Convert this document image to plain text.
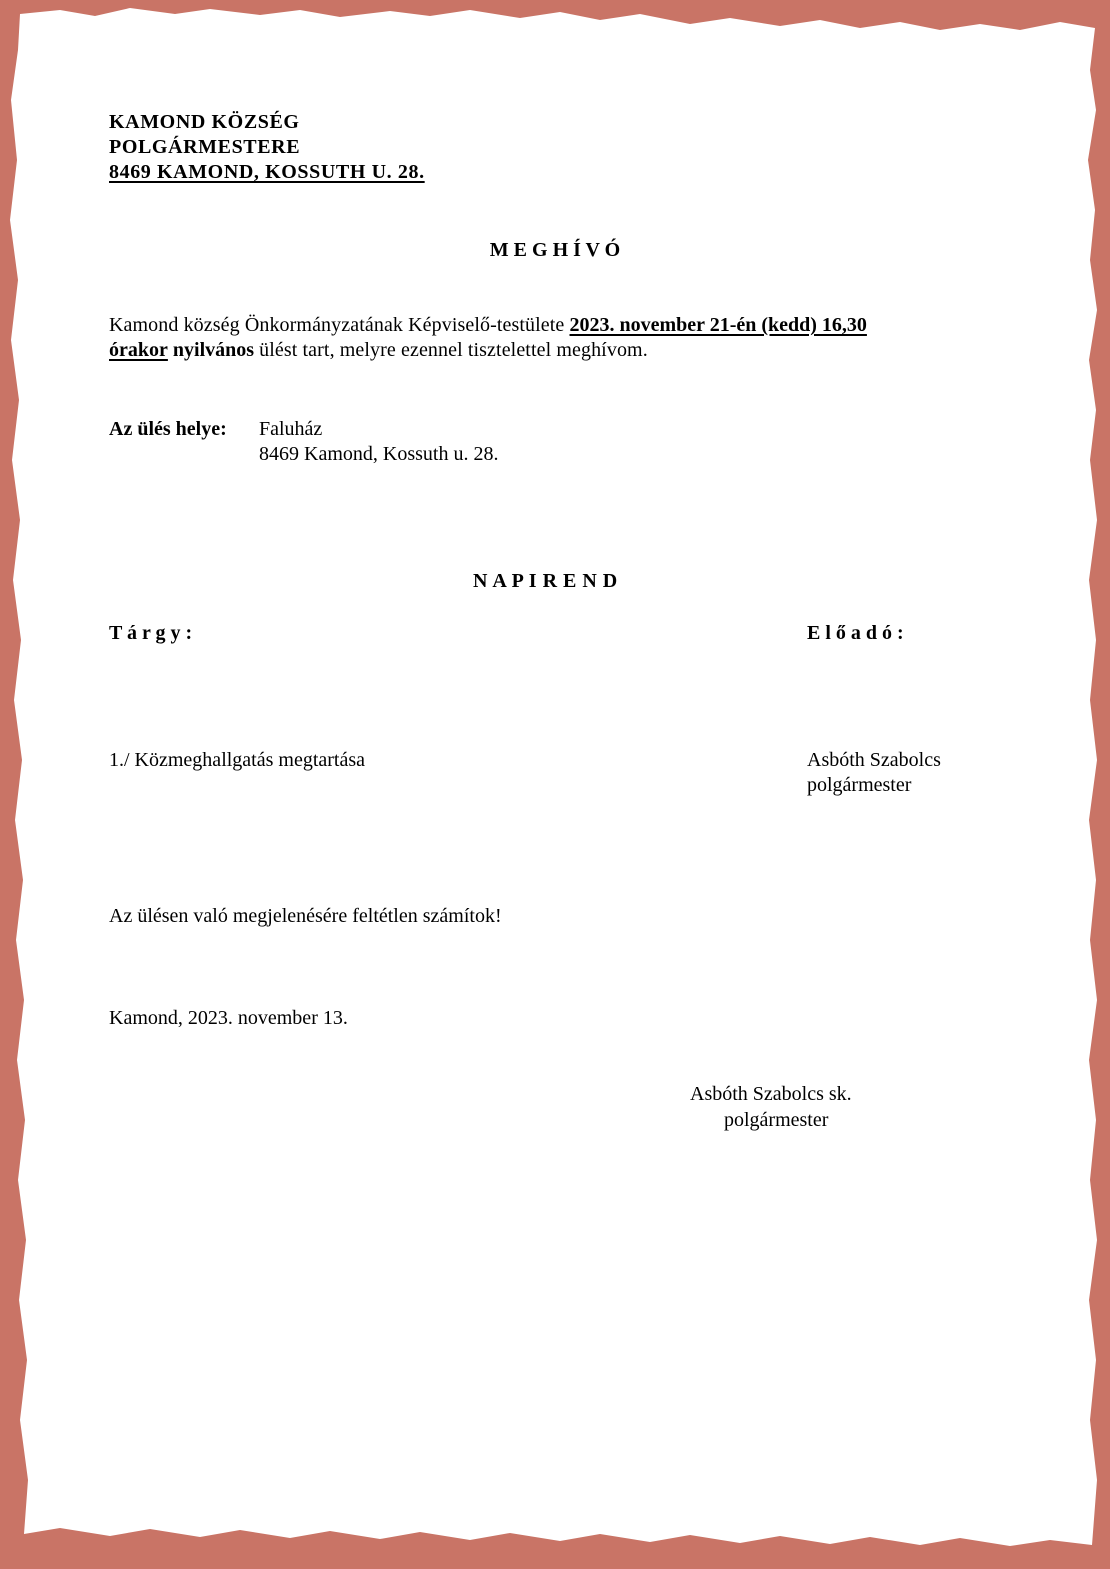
KAMOND KÖZSÉG
POLGÁRMESTERE
8469 KAMOND, KOSSUTH U. 28.
M E G H Í V Ó
Kamond község Önkormányzatának Képviselő-testülete 2023. november 21-én (kedd) 16,30
órakor nyilvános ülést tart, melyre ezennel tisztelettel meghívom.
Az ülés helye: Faluház
8469 Kamond, Kossuth u. 28.
N A P I R E N D
T á r g y :	E l ő a d ó :
1./ Közmeghallgatás megtartása	Asbóth Szabolcs
polgármester
Az ülésen való megjelenésére feltétlen számítok!
Kamond, 2023. november 13.
Asbóth Szabolcs sk.
polgármester
